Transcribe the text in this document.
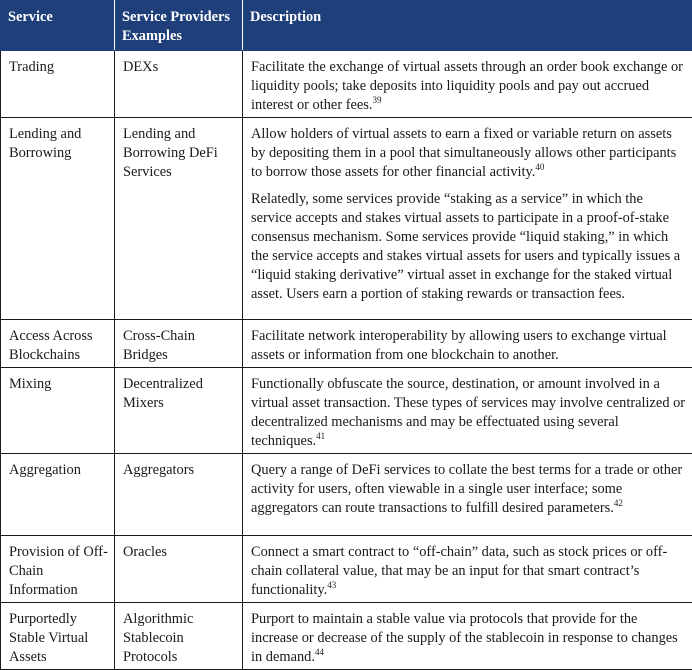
Service	Service Providers Examples	Description
Trading	DEXs	Facilitate the exchange of virtual assets through an order book exchange or liquidity pools; take deposits into liquidity pools and pay out accrued interest or other fees.$^{39}$

Lending and Borrowing	Lending and Borrowing DeFi Services	Allow holders of virtual assets to earn a fixed or variable return on assets by depositing them in a pool that simultaneously allows other participants to borrow those assets for other financial activity.$^{40}$

Relatedly, some services provide “staking as a service” in which the service accepts and stakes virtual assets to participate in a proof-of-stake consensus mechanism. Some services provide “liquid staking,” in which the service accepts and stakes virtual assets for users and typically issues a “liquid staking derivative” virtual asset in exchange for the staked virtual asset. Users earn a portion of staking rewards or transaction fees.

Access Across Blockchains	Cross-Chain Bridges	Facilitate network interoperability by allowing users to exchange virtual assets or information from one blockchain to another.

Mixing	Decentralized Mixers	Functionally obfuscate the source, destination, or amount involved in a virtual asset transaction. These types of services may involve centralized or decentralized mechanisms and may be effectuated using several techniques.$^{41}$

Aggregation	Aggregators	Query a range of DeFi services to collate the best terms for a trade or other activity for users, often viewable in a single user interface; some aggregators can route transactions to fulfill desired parameters.$^{42}$

Provision of Off-Chain Information	Oracles	Connect a smart contract to “off-chain” data, such as stock prices or off-chain collateral value, that may be an input for that smart contract’s functionality.$^{43}$

Purportedly Stable Virtual Assets	Algorithmic Stablecoin Protocols	Purport to maintain a stable value via protocols that provide for the increase or decrease of the supply of the stablecoin in response to changes in demand.$^{44}$
